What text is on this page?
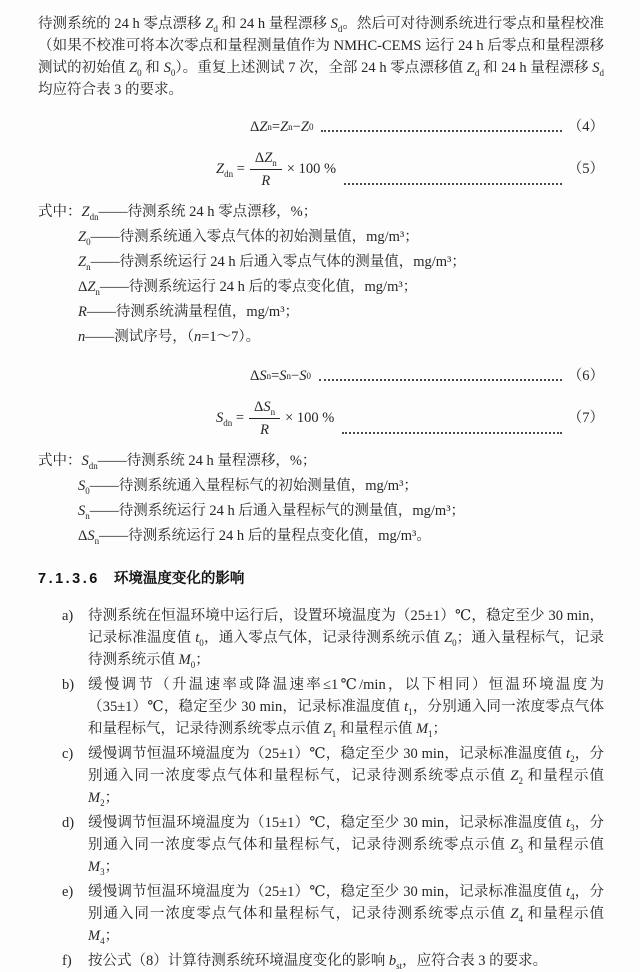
待测系统的 24 h 零点漂移 $Z_d$ 和 24 h 量程漂移 $S_d$。然后可对待测系统进行零点和量程校准（如果不校准可将本次零点和量程测量值作为 NMHC-CEMS 运行 24 h 后零点和量程漂移测试的初始值 $Z_0$ 和 $S_0$）。重复上述测试 7 次，全部 24 h 零点漂移值 $Z_d$ 和 24 h 量程漂移 $S_d$ 均应符合表 3 的要求。

Δ Z n = Z n − Z 0	（4）
$Z_{dn} = \frac{\Delta Z_n}{R} \times 100$ %	（5）
式中：$Z_{dn}——$待测系统 24 h 零点漂移，%；
$Z_0——$待测系统通入零点气体的初始测量值，mg/m³；
$Z_n——$待测系统运行 24 h 后通入零点气体的测量值，mg/m³；
$\Delta Z_n——$待测系统运行 24 h 后的零点变化值，mg/m³；
R——待测系统满量程值，mg/m³；
n——测试序号，（n=1～7）。
Δ S n = S n − S 0	（6）
$S_{dn} = \frac{\Delta S_n}{R} \times 100$ %	（7）
式中：$S_{dn}——$待测系统 24 h 量程漂移，%；
$S_0——$待测系统通入量程标气的初始测量值，mg/m³；
$S_n——$待测系统运行 24 h 后通入量程标气的测量值，mg/m³；
$\Delta S_n——$待测系统运行 24 h 后的量程点变化值，mg/m³。
7.1.3.6 环境温度变化的影响
a)	待测系统在恒温环境中运行后，设置环境温度为（25±1）℃，稳定至少 30 min，记录标准温度值 $t_0$，通入零点气体，记录待测系统示值 $Z_0$；通入量程标气，记录待测系统示值 $M_0$；
b) 缓慢调节（升温速率或降温速率≤1℃/min，以下相同）恒温环境温度为（35±1）℃，稳定至少 30 min，记录标准温度值 $t_1$，分别通入同一浓度零点气体和量程标气，记录待测系统零点示值 $Z_1$ 和量程示值 $M_1$；
c)	缓慢调节恒温环境温度为（25±1）℃，稳定至少 30 min，记录标准温度值 $t_2$，分别通入同一浓度零点气体和量程标气，记录待测系统零点示值 $Z_2$ 和量程示值 $M_2$；
d) 缓慢调节恒温环境温度为（15±1）℃，稳定至少 30 min，记录标准温度值 $t_3$，分别通入同一浓度零点气体和量程标气，记录待测系统零点示值 $Z_3$ 和量程示值 $M_3$；
e)	缓慢调节恒温环境温度为（25±1）℃，稳定至少 30 min，记录标准温度值 $t_4$，分别通入同一浓度零点气体和量程标气，记录待测系统零点示值 $Z_4$ 和量程示值 $M_4$；
f)	按公式（8）计算待测系统环境温度变化的影响 $b_{st}$，应符合表 3 的要求。
